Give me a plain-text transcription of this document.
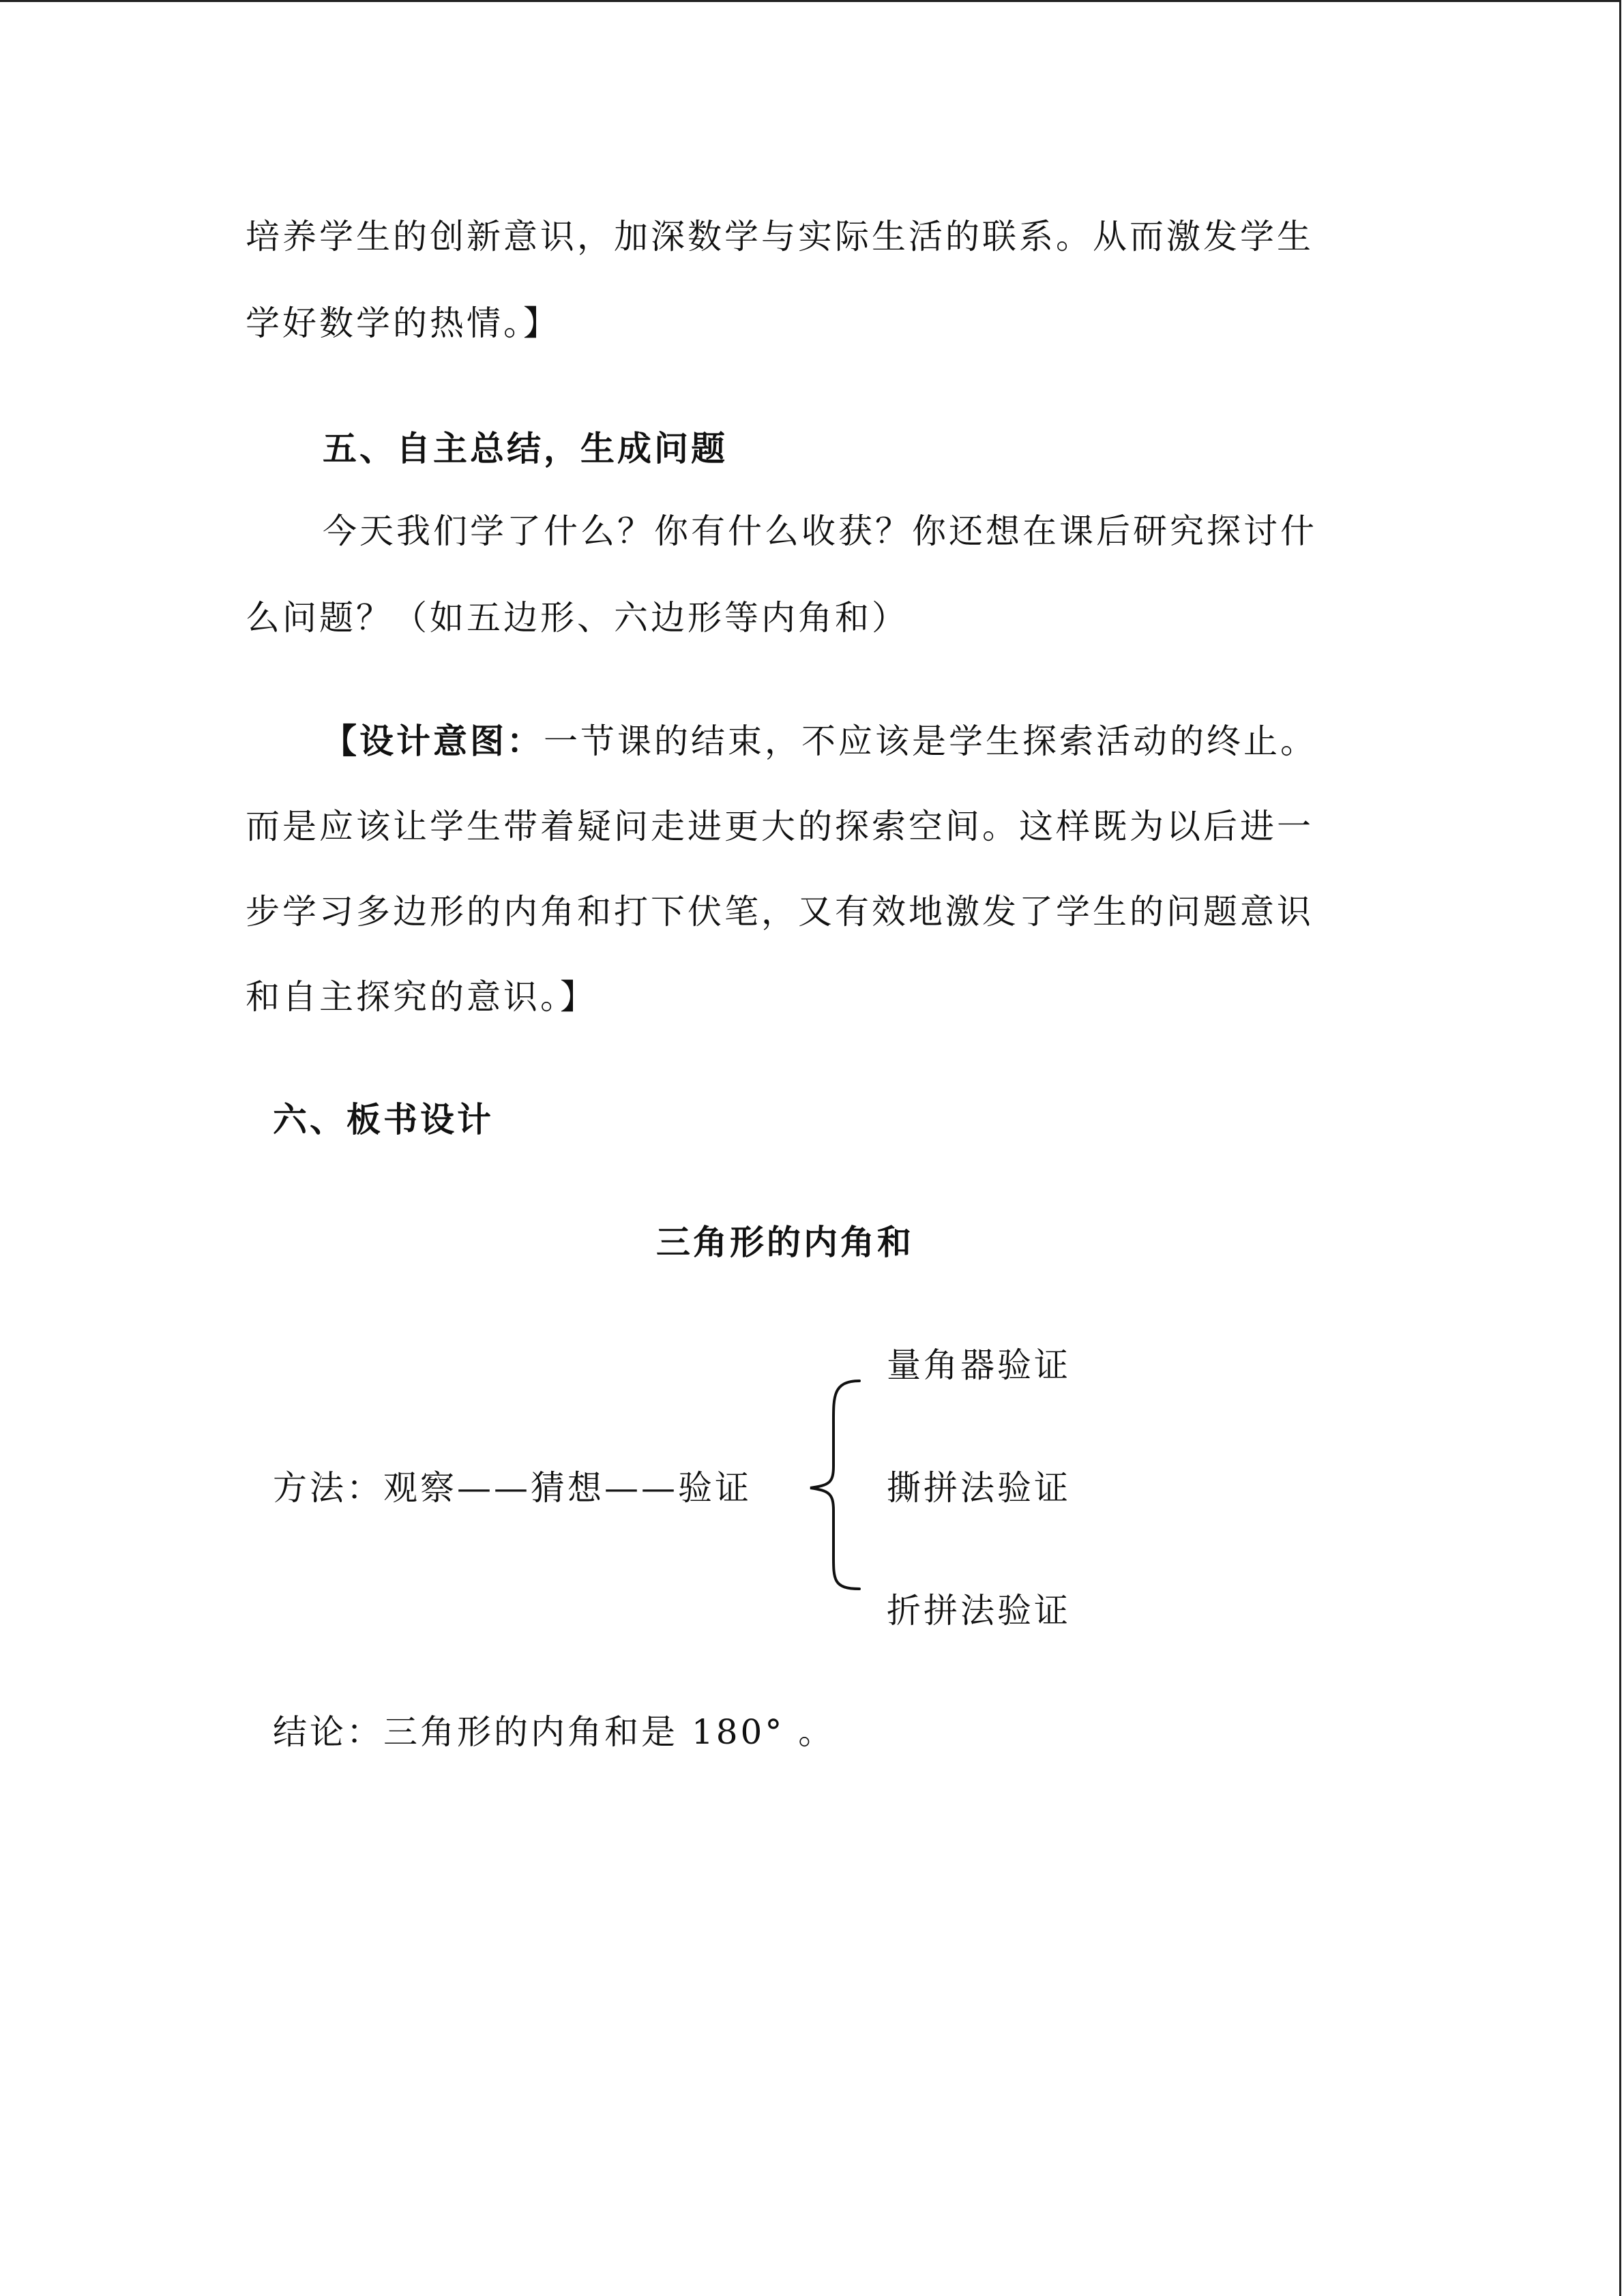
培养学生的创新意识，加深数学与实际生活的联系。从而激发学生
学好数学的热情。】
五、自主总结，生成问题
今天我们学了什么？你有什么收获？你还想在课后研究探讨什
么问题？（如五边形、六边形等内角和）
【设计意图：一节课的结束，不应该是学生探索活动的终止。
而是应该让学生带着疑问走进更大的探索空间。这样既为以后进一
步学习多边形的内角和打下伏笔，又有效地激发了学生的问题意识
和自主探究的意识。】
六、板书设计
三角形的内角和
量角器验证
方法：观察——猜想——验证	撕拼法验证
折拼法验证
结论：三角形的内角和是 180° 。
